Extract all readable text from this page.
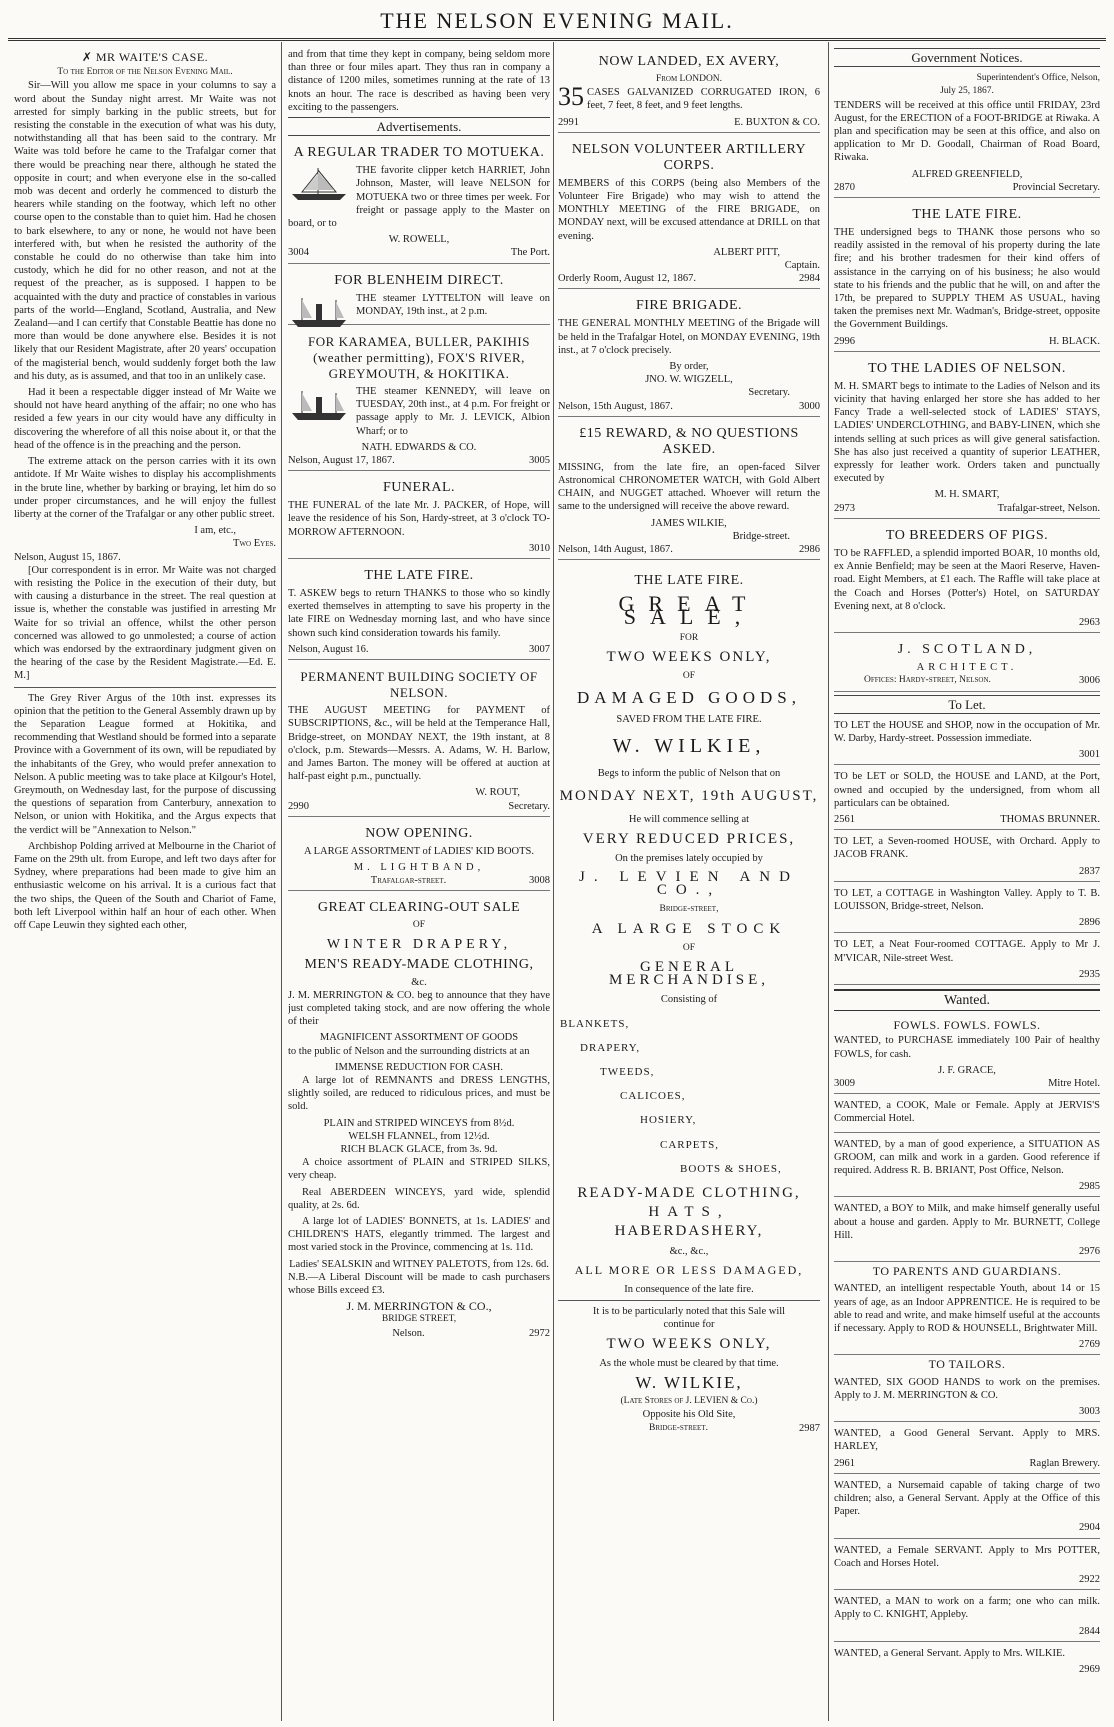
THE NELSON EVENING MAIL.
✗ MR WAITE'S CASE.
To the Editor of the Nelson Evening Mail.

Sir—Will you allow me space in your columns to say a word about the Sunday night arrest. Mr Waite was not arrested for simply barking in the public streets, but for resisting the constable in the execution of what was his duty, notwithstanding all that has been said to the contrary. Mr Waite was told before he came to the Trafalgar corner that there would be preaching near there, although he stated the opposite in court; and when everyone else in the so-called mob was decent and orderly he commenced to disturb the hearers while standing on the footway, which left no other course open to the constable than to quiet him. Had he chosen to bark elsewhere, to any or none, he would not have been interfered with, but when he resisted the authority of the constable he could do no otherwise than take him into custody, which he did for no other reason, and not at the request of the preacher, as is supposed. I happen to be acquainted with the duty and practice of constables in various parts of the world—England, Scotland, Australia, and New Zealand—and I can certify that Constable Beattie has done no more than would be done anywhere else. Besides it is not likely that our Resident Magistrate, after 20 years' occupation of the magisterial bench, would suddenly forget both the law and his duty, as is assumed, and that too in an unlikely case.

Had it been a respectable digger instead of Mr Waite we should not have heard anything of the affair; no one who has resided a few years in our city would have any difficulty in discovering the wherefore of all this noise about it, or that the head of the offence is in the preaching and the person.

The extreme attack on the person carries with it its own antidote. If Mr Waite wishes to display his accomplishments in the brute line, whether by barking or braying, let him do so under proper circumstances, and he will enjoy the fullest liberty at the corner of the Trafalgar or any other public street.

I am, etc.,
Two Eyes.
Nelson, August 15, 1867.

[Our correspondent is in error. Mr Waite was not charged with resisting the Police in the execution of their duty, but with causing a disturbance in the street. The real question at issue is, whether the constable was justified in arresting Mr Waite for so trivial an offence, whilst the other person concerned was allowed to go unmolested; a course of action which was endorsed by the extraordinary judgment given on the hearing of the case by the Resident Magistrate.—Ed. E. M.]

The Grey River Argus of the 10th inst. expresses its opinion that the petition to the General Assembly drawn up by the Separation League formed at Hokitika, and recommending that Westland should be formed into a separate Province with a Government of its own, will be repudiated by the inhabitants of the Grey, who would prefer annexation to Nelson. A public meeting was to take place at Kilgour's Hotel, Greymouth, on Wednesday last, for the purpose of discussing the questions of separation from Canterbury, annexation to Nelson, or union with Hokitika, and the Argus expects that the verdict will be "Annexation to Nelson."

Archbishop Polding arrived at Melbourne in the Chariot of Fame on the 29th ult. from Europe, and left two days after for Sydney, where preparations had been made to give him an enthusiastic welcome on his arrival. It is a curious fact that the two ships, the Queen of the South and Chariot of Fame, both left Liverpool within half an hour of each other. When off Cape Leuwin they sighted each other,

and from that time they kept in company, being seldom more than three or four miles apart. They thus ran in company a distance of 1200 miles, sometimes running at the rate of 13 knots an hour. The race is described as having been very exciting to the passengers.

Advertisements.
A REGULAR TRADER TO MOTUEKA.

THE favorite clipper ketch HARRIET, John Johnson, Master, will leave NELSON for MOTUEKA two or three times per week. For freight or passage apply to the Master on board, or to

W. ROWELL,
3004	The Port.
FOR BLENHEIM DIRECT.

THE steamer LYTTELTON will leave on MONDAY, 19th inst., at 2 p.m.

FOR KARAMEA, BULLER, PAKIHIS (weather permitting), FOX'S RIVER, GREYMOUTH, & HOKITIKA.

THE steamer KENNEDY, will leave on TUESDAY, 20th inst., at 4 p.m. For freight or passage apply to Mr. J. LEVICK, Albion Wharf; or to

NATH. EDWARDS & CO.
Nelson, August 17, 1867.	3005
FUNERAL.

THE FUNERAL of the late Mr. J. PACKER, of Hope, will leave the residence of his Son, Hardy-street, at 3 o'clock TO-MORROW AFTERNOON.

3010
THE LATE FIRE.

T. ASKEW begs to return THANKS to those who so kindly exerted themselves in attempting to save his property in the late FIRE on Wednesday morning last, and who have since shown such kind consideration towards his family.

Nelson, August 16.	3007
PERMANENT BUILDING SOCIETY OF NELSON.

THE AUGUST MEETING for PAYMENT of SUBSCRIPTIONS, &c., will be held at the Temperance Hall, Bridge-street, on MONDAY NEXT, the 19th instant, at 8 o'clock, p.m. Stewards—Messrs. A. Adams, W. H. Barlow, and James Barton. The money will be offered at auction at half-past eight p.m., punctually.

W. ROUT,
2990	Secretary.
NOW OPENING.

A LARGE ASSORTMENT of LADIES' KID BOOTS.

M. LIGHTBAND,
Trafalgar-street.	3008
GREAT CLEARING-OUT SALE
OF
WINTER DRAPERY,
MEN'S READY-MADE CLOTHING,
&c.

J. M. MERRINGTON & CO. beg to announce that they have just completed taking stock, and are now offering the whole of their

MAGNIFICENT ASSORTMENT OF GOODS

to the public of Nelson and the surrounding districts at an

IMMENSE REDUCTION FOR CASH.

A large lot of REMNANTS and DRESS LENGTHS, slightly soiled, are reduced to ridiculous prices, and must be sold.

PLAIN and STRIPED WINCEYS from 8½d.
WELSH FLANNEL, from 12½d.
RICH BLACK GLACE, from 3s. 9d.

A choice assortment of PLAIN and STRIPED SILKS, very cheap.

Real ABERDEEN WINCEYS, yard wide, splendid quality, at 2s. 6d.

A large lot of LADIES' BONNETS, at 1s. LADIES' and CHILDREN'S HATS, elegantly trimmed. The largest and most varied stock in the Province, commencing at 1s. 11d.

Ladies' SEALSKIN and WITNEY PALETOTS, from 12s. 6d.

N.B.—A Liberal Discount will be made to cash purchasers whose Bills exceed £3.

J. M. MERRINGTON & CO.,
BRIDGE STREET,
Nelson.	2972
NOW LANDED, EX AVERY,
From LONDON.

35 CASES GALVANIZED CORRUGATED IRON, 6 feet, 7 feet, 8 feet, and 9 feet lengths.

2991	E. BUXTON & CO.
NELSON VOLUNTEER ARTILLERY CORPS.

MEMBERS of this CORPS (being also Members of the Volunteer Fire Brigade) who may wish to attend the MONTHLY MEETING of the FIRE BRIGADE, on MONDAY next, will be excused attendance at DRILL on that evening.

ALBERT PITT,
Captain.
Orderly Room, August 12, 1867.	2984
FIRE BRIGADE.

THE GENERAL MONTHLY MEETING of the Brigade will be held in the Trafalgar Hotel, on MONDAY EVENING, 19th inst., at 7 o'clock precisely.

By order,
JNO. W. WIGZELL,
Secretary.
Nelson, 15th August, 1867.	3000
£15 REWARD, & NO QUESTIONS ASKED.

MISSING, from the late fire, an open-faced Silver Astronomical CHRONOMETER WATCH, with Gold Albert CHAIN, and NUGGET attached. Whoever will return the same to the undersigned will receive the above reward.

JAMES WILKIE,
Bridge-street.
Nelson, 14th August, 1867.	2986
THE LATE FIRE.
GREAT SALE,
FOR
TWO WEEKS ONLY,
OF
DAMAGED GOODS,
SAVED FROM THE LATE FIRE.
W. WILKIE,
Begs to inform the public of Nelson that on
MONDAY NEXT, 19th AUGUST,
He will commence selling at
VERY REDUCED PRICES,
On the premises lately occupied by
J. LEVIEN AND CO.,
Bridge-street,
A LARGE STOCK
OF
GENERAL MERCHANDISE,
Consisting of
BLANKETS,
DRAPERY,
TWEEDS,
CALICOES,
HOSIERY,
CARPETS,
BOOTS & SHOES,
READY-MADE CLOTHING,
HATS,
HABERDASHERY,
&c., &c.,
ALL MORE OR LESS DAMAGED,
In consequence of the late fire.
It is to be particularly noted that this Sale will
continue for
TWO WEEKS ONLY,
As the whole must be cleared by that time.
W. WILKIE,
(Late Stores of J. LEVIEN & Co.)
Opposite his Old Site,
Bridge-street.	2987
Government Notices.
Superintendent's Office, Nelson,
July 25, 1867.

TENDERS will be received at this office until FRIDAY, 23rd August, for the ERECTION of a FOOT-BRIDGE at Riwaka. A plan and specification may be seen at this office, and also on application to Mr D. Goodall, Chairman of Road Board, Riwaka.

ALFRED GREENFIELD,
2870	Provincial Secretary.
THE LATE FIRE.

THE undersigned begs to THANK those persons who so readily assisted in the removal of his property during the late fire; and his brother tradesmen for their kind offers of assistance in the carrying on of his business; he also would state to his friends and the public that he will, on and after the 17th, be prepared to SUPPLY THEM AS USUAL, having taken the premises next Mr. Wadman's, Bridge-street, opposite the Government Buildings.

2996	H. BLACK.
TO THE LADIES OF NELSON.

M. H. SMART begs to intimate to the Ladies of Nelson and its vicinity that having enlarged her store she has added to her Fancy Trade a well-selected stock of LADIES' STAYS, LADIES' UNDERCLOTHING, and BABY-LINEN, which she intends selling at such prices as will give general satisfaction. She has also just received a quantity of superior LEATHER, expressly for leather work. Orders taken and punctually executed by

M. H. SMART,
2973	Trafalgar-street, Nelson.
TO BREEDERS OF PIGS.

TO be RAFFLED, a splendid imported BOAR, 10 months old, ex Annie Benfield; may be seen at the Maori Reserve, Haven-road. Eight Members, at £1 each. The Raffle will take place at the Coach and Horses (Potter's) Hotel, on SATURDAY Evening next, at 8 o'clock.

2963
J. SCOTLAND,
ARCHITECT.
Offices: Hardy-street, Nelson.	3006
To Let.

TO LET the HOUSE and SHOP, now in the occupation of Mr. W. Darby, Hardy-street. Possession immediate.

3001

TO be LET or SOLD, the HOUSE and LAND, at the Port, owned and occupied by the undersigned, from whom all particulars can be obtained.

2561	THOMAS BRUNNER.

TO LET, a Seven-roomed HOUSE, with Orchard. Apply to JACOB FRANK.

2837

TO LET, a COTTAGE in Washington Valley. Apply to T. B. LOUISSON, Bridge-street, Nelson.

2896

TO LET, a Neat Four-roomed COTTAGE. Apply to Mr J. M'VICAR, Nile-street West.

2935
Wanted.
FOWLS. FOWLS. FOWLS.

WANTED, to PURCHASE immediately 100 Pair of healthy FOWLS, for cash.

J. F. GRACE,
3009	Mitre Hotel.

WANTED, a COOK, Male or Female. Apply at JERVIS'S Commercial Hotel.

WANTED, by a man of good experience, a SITUATION AS GROOM, can milk and work in a garden. Good reference if required. Address R. B. BRIANT, Post Office, Nelson.

2985

WANTED, a BOY to Milk, and make himself generally useful about a house and garden. Apply to Mr. BURNETT, College Hill.

2976
TO PARENTS AND GUARDIANS.

WANTED, an intelligent respectable Youth, about 14 or 15 years of age, as an Indoor APPRENTICE. He is required to be able to read and write, and make himself useful at the accounts if necessary. Apply to ROD & HOUNSELL, Brightwater Mill.

2769
TO TAILORS.

WANTED, SIX GOOD HANDS to work on the premises. Apply to J. M. MERRINGTON & CO.

3003

WANTED, a Good General Servant. Apply to MRS. HARLEY,

2961	Raglan Brewery.

WANTED, a Nursemaid capable of taking charge of two children; also, a General Servant. Apply at the Office of this Paper.

2904

WANTED, a Female SERVANT. Apply to Mrs POTTER, Coach and Horses Hotel.

2922

WANTED, a MAN to work on a farm; one who can milk. Apply to C. KNIGHT, Appleby.

2844

WANTED, a General Servant. Apply to Mrs. WILKIE.

2969
